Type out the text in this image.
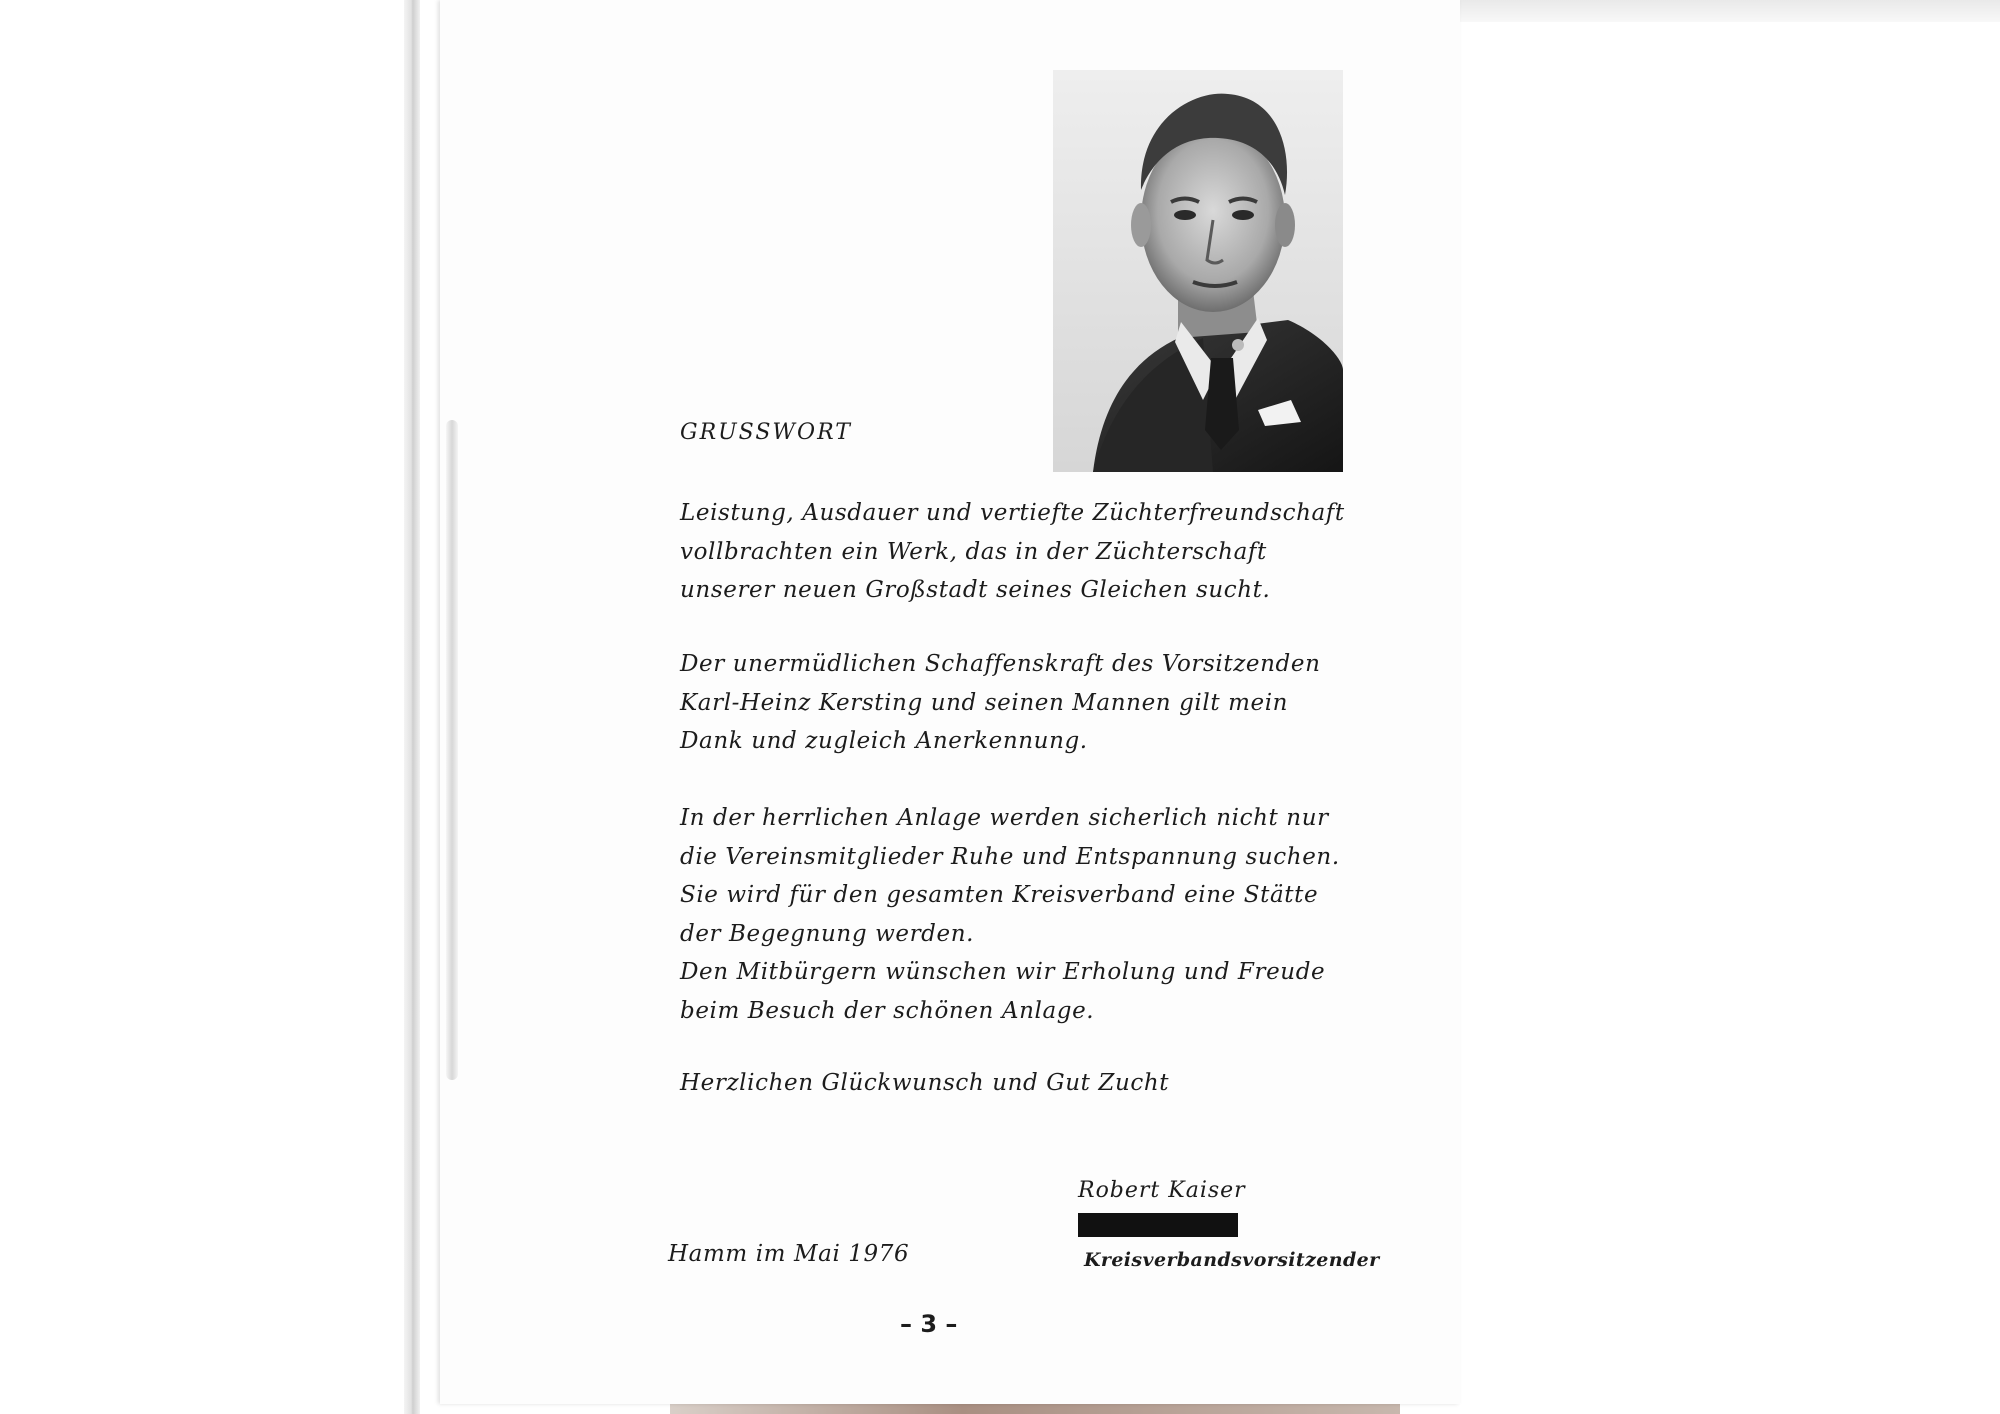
GRUSSWORT
Leistung, Ausdauer und vertiefte Züchterfreundschaft
vollbrachten ein Werk, das in der Züchterschaft
unserer neuen Großstadt seines Gleichen sucht.
Der unermüdlichen Schaffenskraft des Vorsitzenden
Karl-Heinz Kersting und seinen Mannen gilt mein
Dank und zugleich Anerkennung.
In der herrlichen Anlage werden sicherlich nicht nur
die Vereinsmitglieder Ruhe und Entspannung suchen.
Sie wird für den gesamten Kreisverband eine Stätte
der Begegnung werden.
Den Mitbürgern wünschen wir Erholung und Freude
beim Besuch der schönen Anlage.
Herzlichen Glückwunsch und Gut Zucht
Robert Kaiser
Hamm im Mai 1976	Kreisverbandsvorsitzender
– 3 –
